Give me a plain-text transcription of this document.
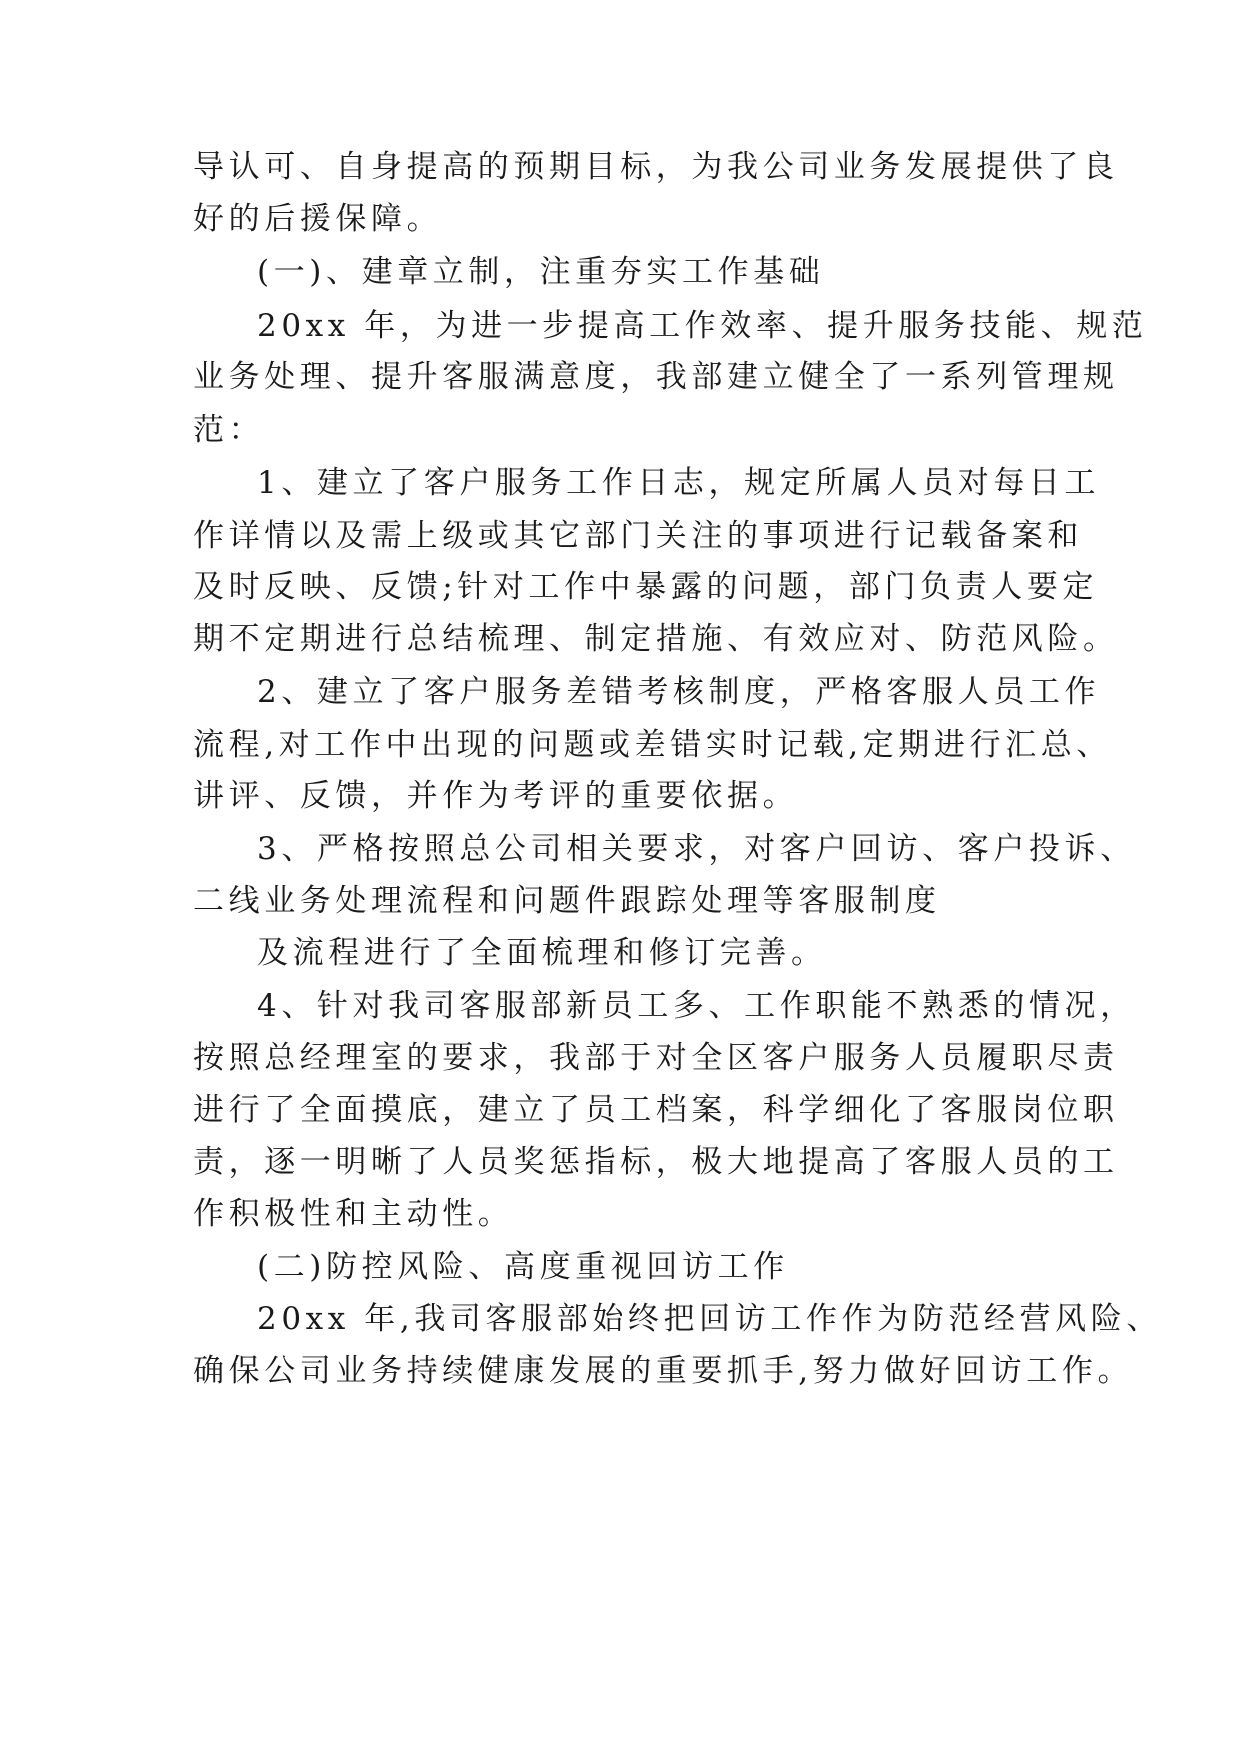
导认可、自身提高的预期目标，为我公司业务发展提供了良

好的后援保障。

(一)、建章立制，注重夯实工作基础

20xx 年，为进一步提高工作效率、提升服务技能、规范

业务处理、提升客服满意度，我部建立健全了一系列管理规

范：

1、建立了客户服务工作日志，规定所属人员对每日工

作详情以及需上级或其它部门关注的事项进行记载备案和

及时反映、反馈;针对工作中暴露的问题，部门负责人要定

期不定期进行总结梳理、制定措施、有效应对、防范风险。

2、建立了客户服务差错考核制度，严格客服人员工作

流程,对工作中出现的问题或差错实时记载,定期进行汇总、

讲评、反馈，并作为考评的重要依据。

3、严格按照总公司相关要求，对客户回访、客户投诉、

二线业务处理流程和问题件跟踪处理等客服制度

及流程进行了全面梳理和修订完善。

4、针对我司客服部新员工多、工作职能不熟悉的情况，

按照总经理室的要求，我部于对全区客户服务人员履职尽责

进行了全面摸底，建立了员工档案，科学细化了客服岗位职

责，逐一明晰了人员奖惩指标，极大地提高了客服人员的工

作积极性和主动性。

(二)防控风险、高度重视回访工作

20xx 年,我司客服部始终把回访工作作为防范经营风险、

确保公司业务持续健康发展的重要抓手,努力做好回访工作。
